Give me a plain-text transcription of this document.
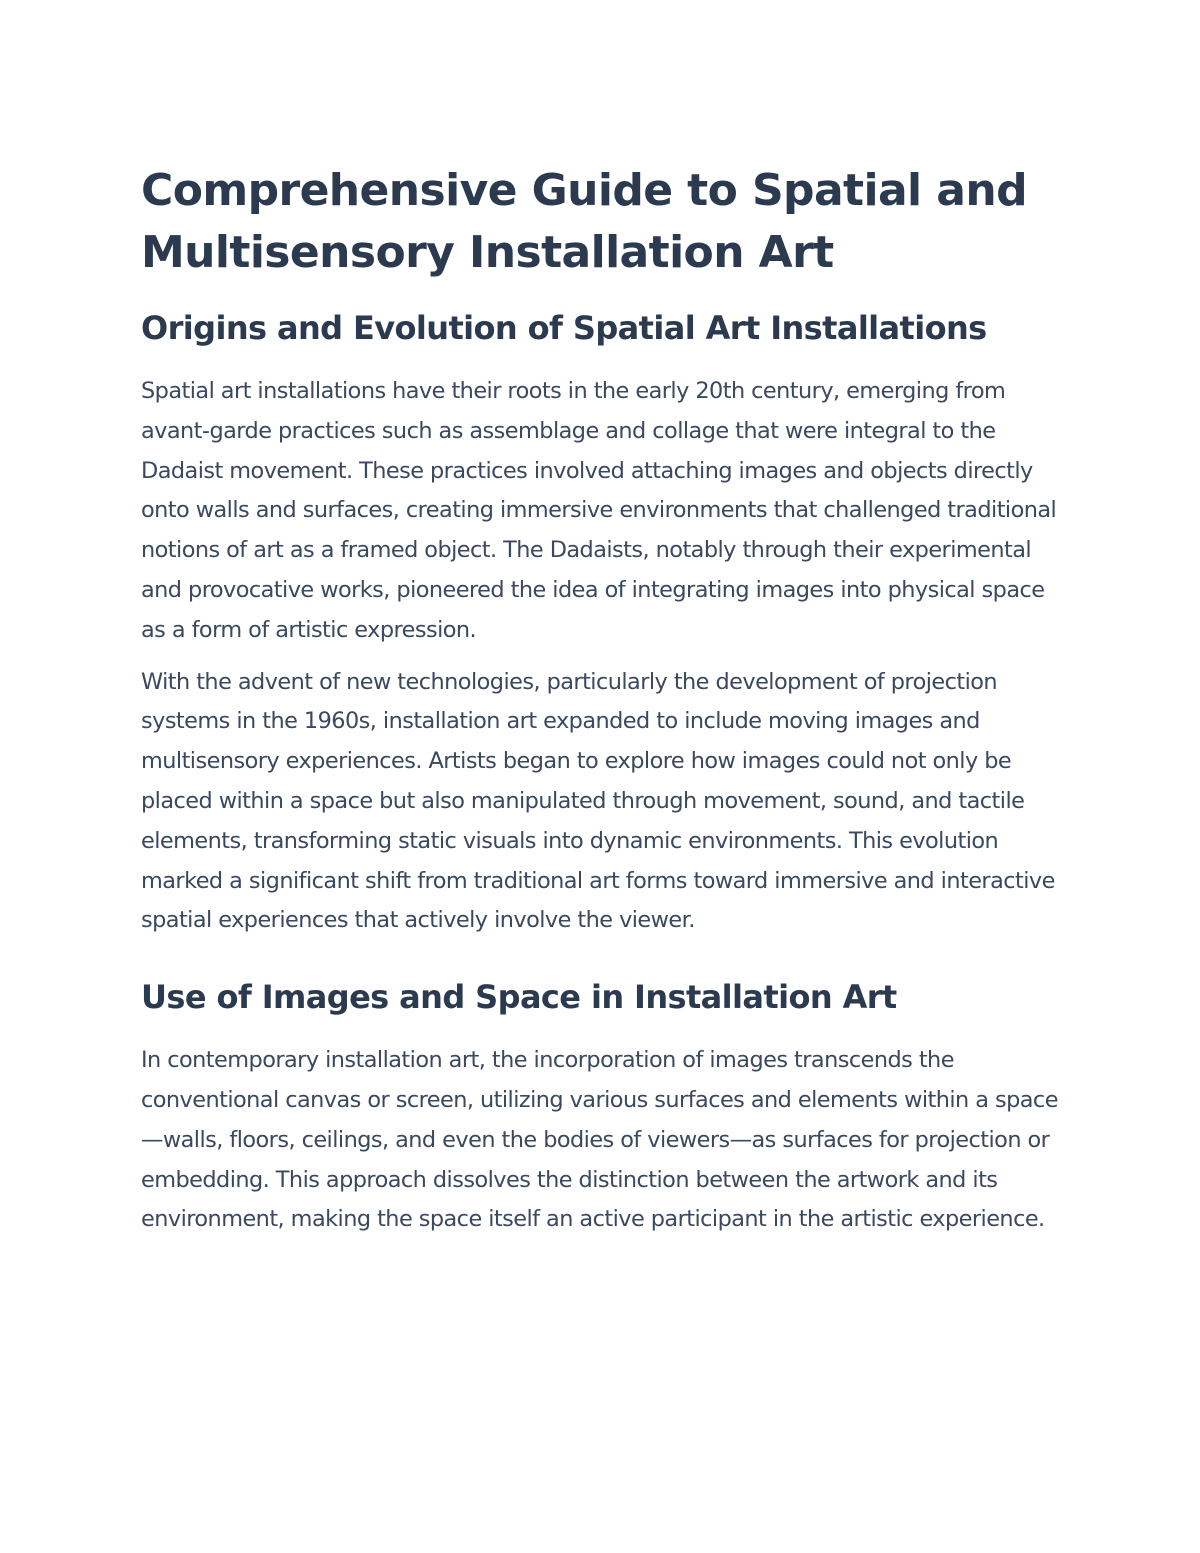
Comprehensive Guide to Spatial and Multisensory Installation Art
Origins and Evolution of Spatial Art Installations

Spatial art installations have their roots in the early 20th century, emerging from avant-garde practices such as assemblage and collage that were integral to the Dadaist movement. These practices involved attaching images and objects directly onto walls and surfaces, creating immersive environments that challenged traditional notions of art as a framed object. The Dadaists, notably through their experimental and provocative works, pioneered the idea of integrating images into physical space as a form of artistic expression.

With the advent of new technologies, particularly the development of projection systems in the 1960s, installation art expanded to include moving images and multisensory experiences. Artists began to explore how images could not only be placed within a space but also manipulated through movement, sound, and tactile elements, transforming static visuals into dynamic environments. This evolution marked a significant shift from traditional art forms toward immersive and interactive spatial experiences that actively involve the viewer.

Use of Images and Space in Installation Art

In contemporary installation art, the incorporation of images transcends the conventional canvas or screen, utilizing various surfaces and elements within a space—walls, floors, ceilings, and even the bodies of viewers—as surfaces for projection or embedding. This approach dissolves the distinction between the artwork and its environment, making the space itself an active participant in the artistic experience.
